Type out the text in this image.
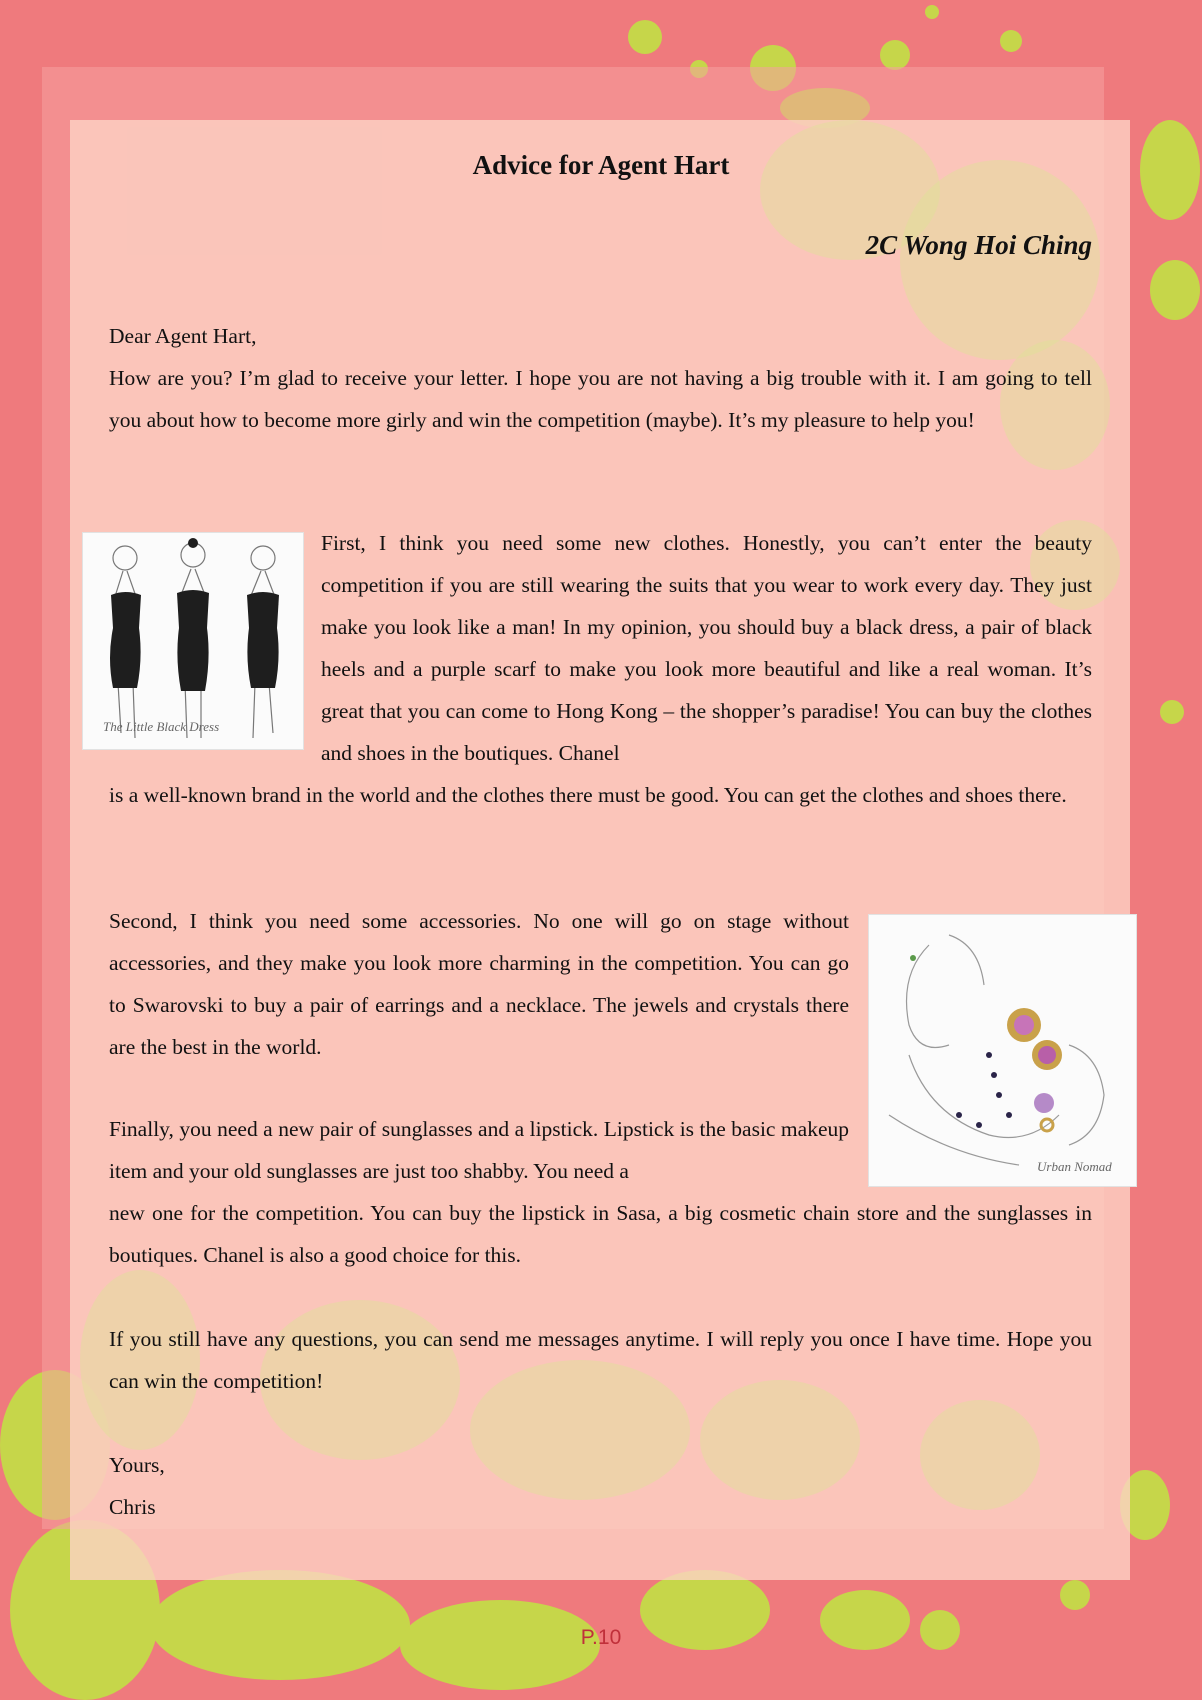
Advice for Agent Hart
2C Wong Hoi Ching

Dear Agent Hart,

How are you? I’m glad to receive your letter. I hope you are not having a big trouble with it. I am going to tell you about how to become more girly and win the competition (maybe). It’s my pleasure to help you!

The Little Black Dress

First, I think you need some new clothes. Honestly, you can’t enter the beauty competition if you are still wearing the suits that you wear to work every day. They just make you look like a man! In my opinion, you should buy a black dress, a pair of black heels and a purple scarf to make you look more beautiful and like a real woman. It’s great that you can come to Hong Kong – the shopper’s paradise! You can buy the clothes and shoes in the boutiques. Chanel

is a well-known brand in the world and the clothes there must be good. You can get the clothes and shoes there.

Second, I think you need some accessories. No one will go on stage without accessories, and they make you look more charming in the competition. You can go to Swarovski to buy a pair of earrings and a necklace. The jewels and crystals there are the best in the world.

Urban Nomad

Finally, you need a new pair of sunglasses and a lipstick. Lipstick is the basic makeup item and your old sunglasses are just too shabby. You need a

new one for the competition. You can buy the lipstick in Sasa, a big cosmetic chain store and the sunglasses in boutiques. Chanel is also a good choice for this.

If you still have any questions, you can send me messages anytime. I will reply you once I have time. Hope you can win the competition!

Yours,

Chris

P.10
